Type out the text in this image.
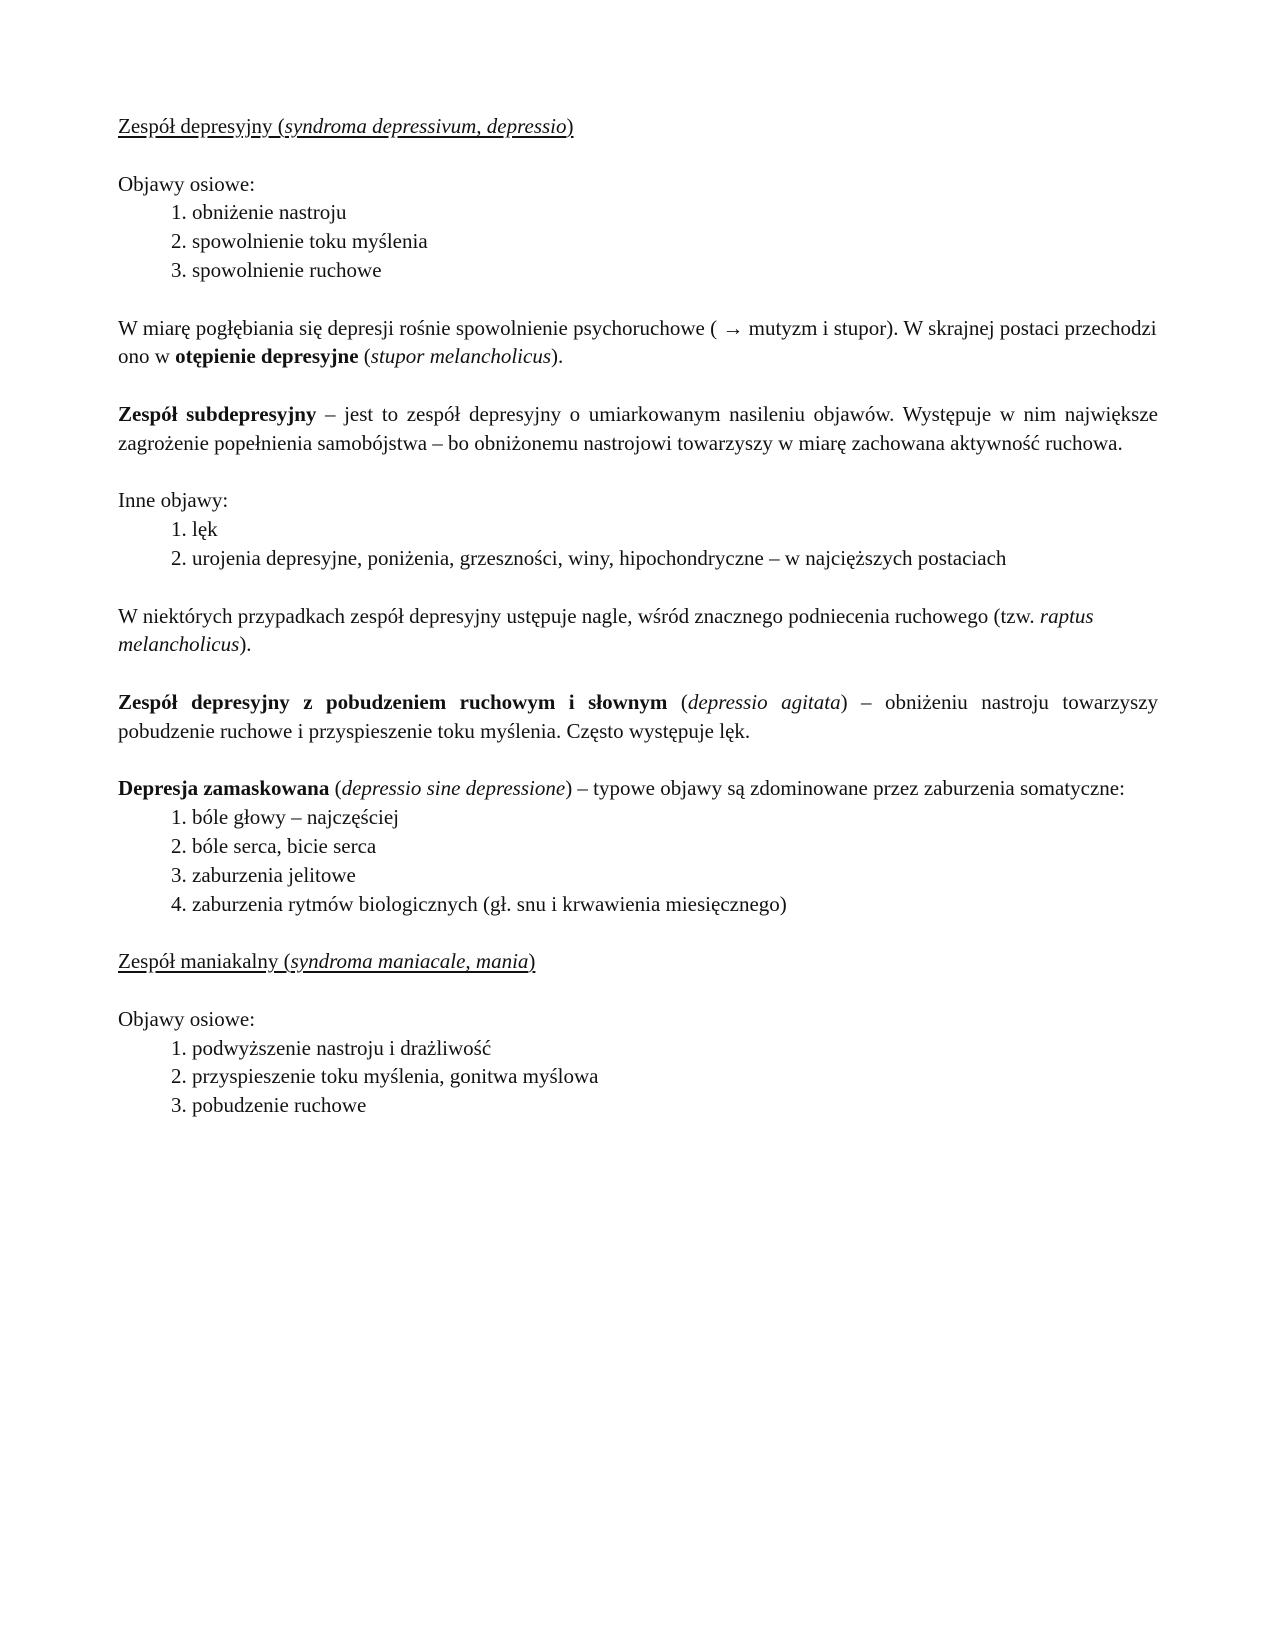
Zespół depresyjny (syndroma depressivum, depressio)

Objawy osiowe:

1. obniżenie nastroju
2. spowolnienie toku myślenia
3. spowolnienie ruchowe

W miarę pogłębiania się depresji rośnie spowolnienie psychoruchowe ( → mutyzm i stupor). W skrajnej postaci przechodzi ono w otępienie depresyjne (stupor melancholicus).

Zespół subdepresyjny – jest to zespół depresyjny o umiarkowanym nasileniu objawów. Występuje w nim największe zagrożenie popełnienia samobójstwa – bo obniżonemu nastrojowi towarzyszy w miarę zachowana aktywność ruchowa.

Inne objawy:

1. lęk
2. urojenia depresyjne, poniżenia, grzeszności, winy, hipochondryczne – w najcięższych postaciach

W niektórych przypadkach zespół depresyjny ustępuje nagle, wśród znacznego podniecenia ruchowego (tzw. raptus melancholicus).

Zespół depresyjny z pobudzeniem ruchowym i słownym (depressio agitata) – obniżeniu nastroju towarzyszy pobudzenie ruchowe i przyspieszenie toku myślenia. Często występuje lęk.

Depresja zamaskowana (depressio sine depressione) – typowe objawy są zdominowane przez zaburzenia somatyczne:

1. bóle głowy – najczęściej
2. bóle serca, bicie serca
3. zaburzenia jelitowe
4. zaburzenia rytmów biologicznych (gł. snu i krwawienia miesięcznego)

Zespół maniakalny (syndroma maniacale, mania)

Objawy osiowe:

1. podwyższenie nastroju i drażliwość
2. przyspieszenie toku myślenia, gonitwa myślowa
3. pobudzenie ruchowe
